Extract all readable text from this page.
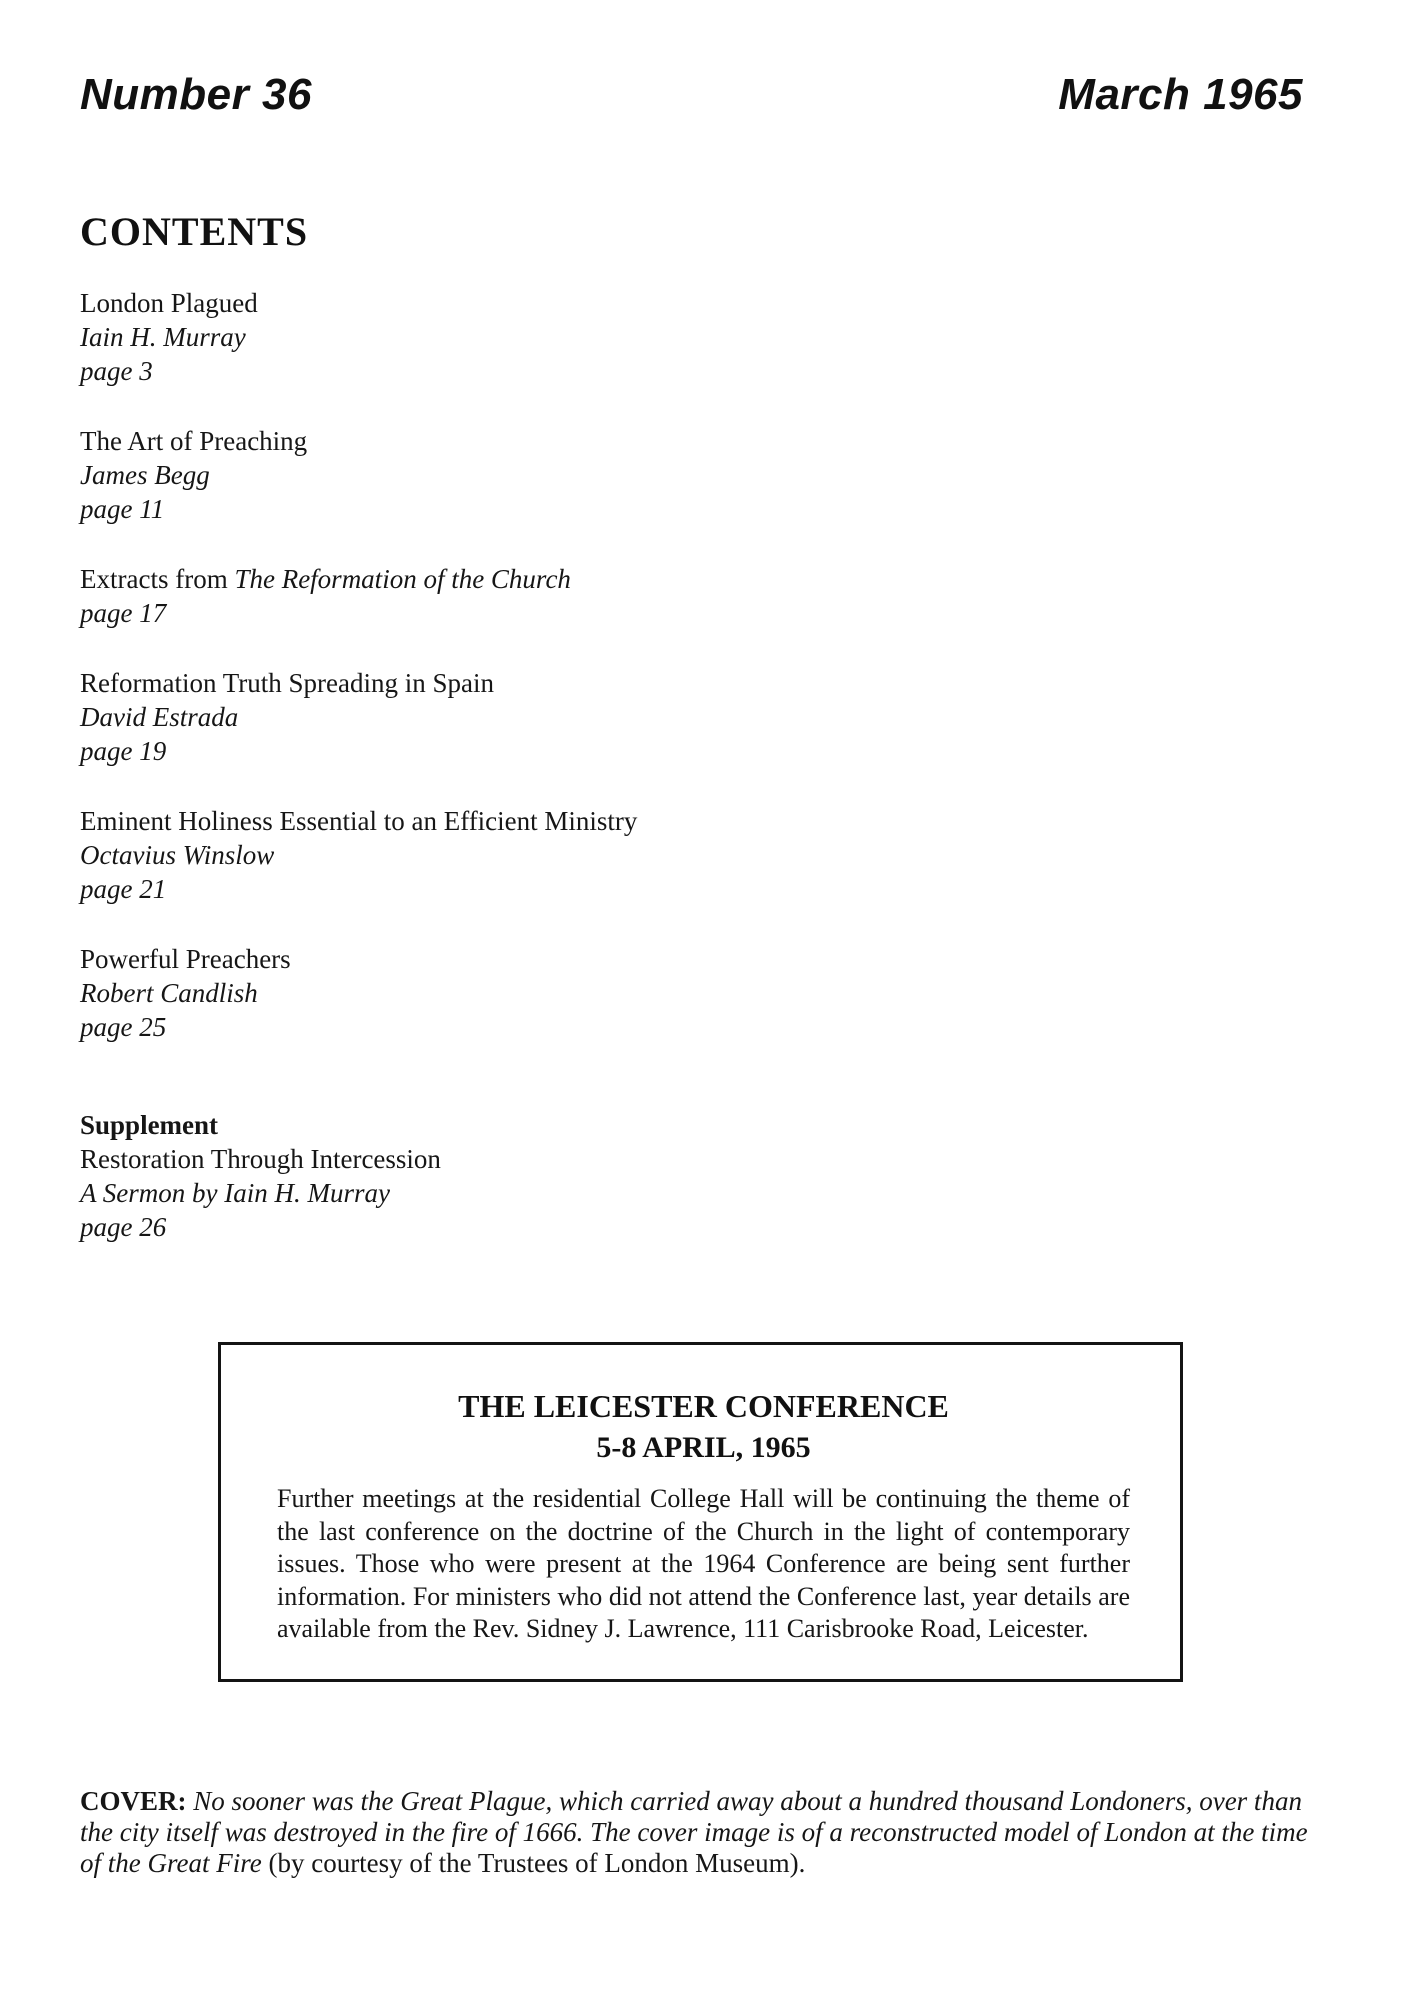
Number 36	March 1965
CONTENTS
London Plagued
Iain H. Murray
page 3
The Art of Preaching
James Begg
page 11
Extracts from The Reformation of the Church
page 17
Reformation Truth Spreading in Spain
David Estrada
page 19
Eminent Holiness Essential to an Efficient Ministry
Octavius Winslow
page 21
Powerful Preachers
Robert Candlish
page 25
Supplement
Restoration Through Intercession
A Sermon by Iain H. Murray
page 26

THE LEICESTER CONFERENCE

5-8 APRIL, 1965

Further meetings at the residential College Hall will be continuing the theme of the last conference on the doctrine of the Church in the light of contemporary issues. Those who were present at the 1964 Conference are being sent further information. For ministers who did not attend the Conference last, year details are available from the Rev. Sidney J. Lawrence, 111 Carisbrooke Road, Leicester.

COVER: No sooner was the Great Plague, which carried away about a hundred thousand Londoners, over than the city itself was destroyed in the fire of 1666. The cover image is of a reconstructed model of London at the time of the Great Fire (by courtesy of the Trustees of London Museum).
